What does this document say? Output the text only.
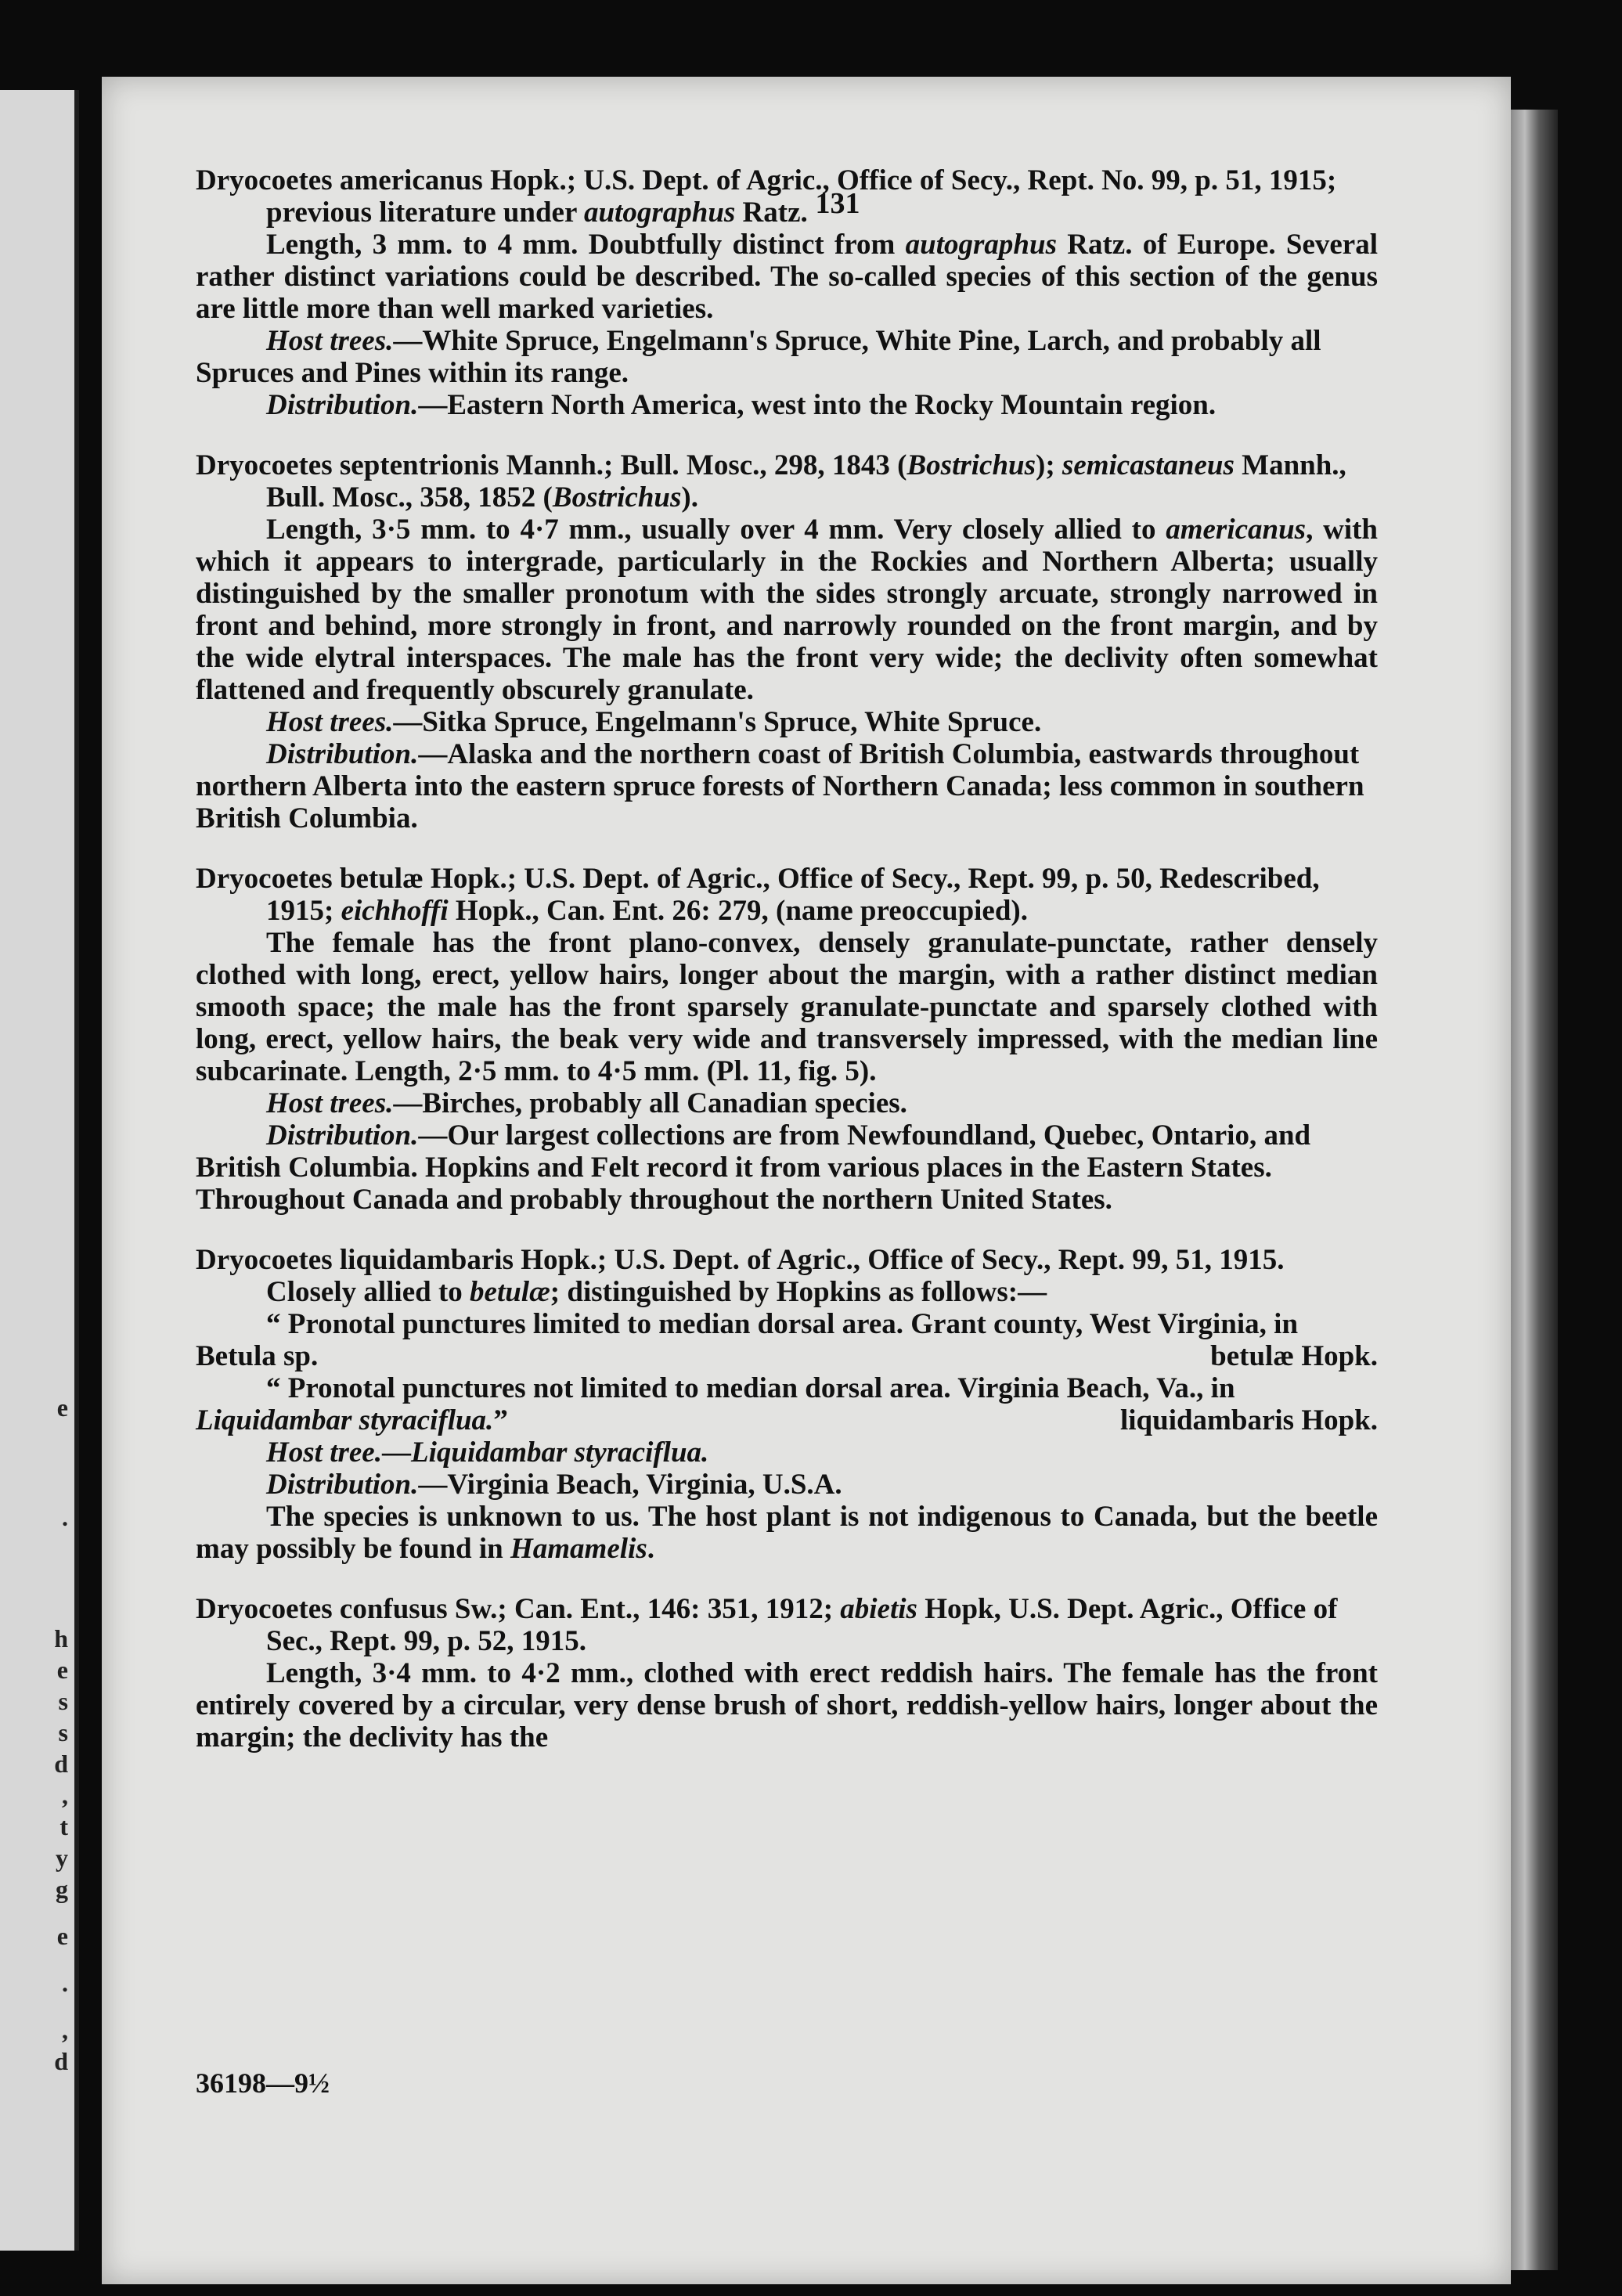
e
.
h
e
s
s
d
,
t
y
g
e
.
,
d
131

Dryocoetes americanus Hopk.; U.S. Dept. of Agric., Office of Secy., Rept. No. 99, p. 51, 1915; previous literature under autographus Ratz.

Length, 3 mm. to 4 mm. Doubtfully distinct from autographus Ratz. of Europe. Several rather distinct variations could be described. The so-called species of this section of the genus are little more than well marked varieties.

Host trees.—White Spruce, Engelmann's Spruce, White Pine, Larch, and probably all Spruces and Pines within its range.

Distribution.—Eastern North America, west into the Rocky Mountain region.

Dryocoetes septentrionis Mannh.; Bull. Mosc., 298, 1843 (Bostrichus); semicastaneus Mannh., Bull. Mosc., 358, 1852 (Bostrichus).

Length, 3·5 mm. to 4·7 mm., usually over 4 mm. Very closely allied to americanus, with which it appears to intergrade, particularly in the Rockies and Northern Alberta; usually distinguished by the smaller pronotum with the sides strongly arcuate, strongly narrowed in front and behind, more strongly in front, and narrowly rounded on the front margin, and by the wide elytral interspaces. The male has the front very wide; the declivity often somewhat flattened and frequently obscurely granulate.

Host trees.—Sitka Spruce, Engelmann's Spruce, White Spruce.

Distribution.—Alaska and the northern coast of British Columbia, eastwards throughout northern Alberta into the eastern spruce forests of Northern Canada; less common in southern British Columbia.

Dryocoetes betulæ Hopk.; U.S. Dept. of Agric., Office of Secy., Rept. 99, p. 50, Redescribed, 1915; eichhoffi Hopk., Can. Ent. 26: 279, (name preoccupied).

The female has the front plano-convex, densely granulate-punctate, rather densely clothed with long, erect, yellow hairs, longer about the margin, with a rather distinct median smooth space; the male has the front sparsely granulate-punctate and sparsely clothed with long, erect, yellow hairs, the beak very wide and transversely impressed, with the median line subcarinate. Length, 2·5 mm. to 4·5 mm. (Pl. 11, fig. 5).

Host trees.—Birches, probably all Canadian species.

Distribution.—Our largest collections are from Newfoundland, Quebec, Ontario, and British Columbia. Hopkins and Felt record it from various places in the Eastern States. Throughout Canada and probably throughout the northern United States.

Dryocoetes liquidambaris Hopk.; U.S. Dept. of Agric., Office of Secy., Rept. 99, 51, 1915.

Closely allied to betulæ; distinguished by Hopkins as follows:—

“ Pronotal punctures limited to median dorsal area. Grant county, West Virginia, in Betula sp.	betulæ Hopk.

“ Pronotal punctures not limited to median dorsal area. Virginia Beach, Va., in Liquidambar styraciflua.”	liquidambaris Hopk.

Host tree.—Liquidambar styraciflua.

Distribution.—Virginia Beach, Virginia, U.S.A.

The species is unknown to us. The host plant is not indigenous to Canada, but the beetle may possibly be found in Hamamelis.

Dryocoetes confusus Sw.; Can. Ent., 146: 351, 1912; abietis Hopk, U.S. Dept. Agric., Office of Sec., Rept. 99, p. 52, 1915.

Length, 3·4 mm. to 4·2 mm., clothed with erect reddish hairs. The female has the front entirely covered by a circular, very dense brush of short, reddish-yellow hairs, longer about the margin; the declivity has the

36198—9½
